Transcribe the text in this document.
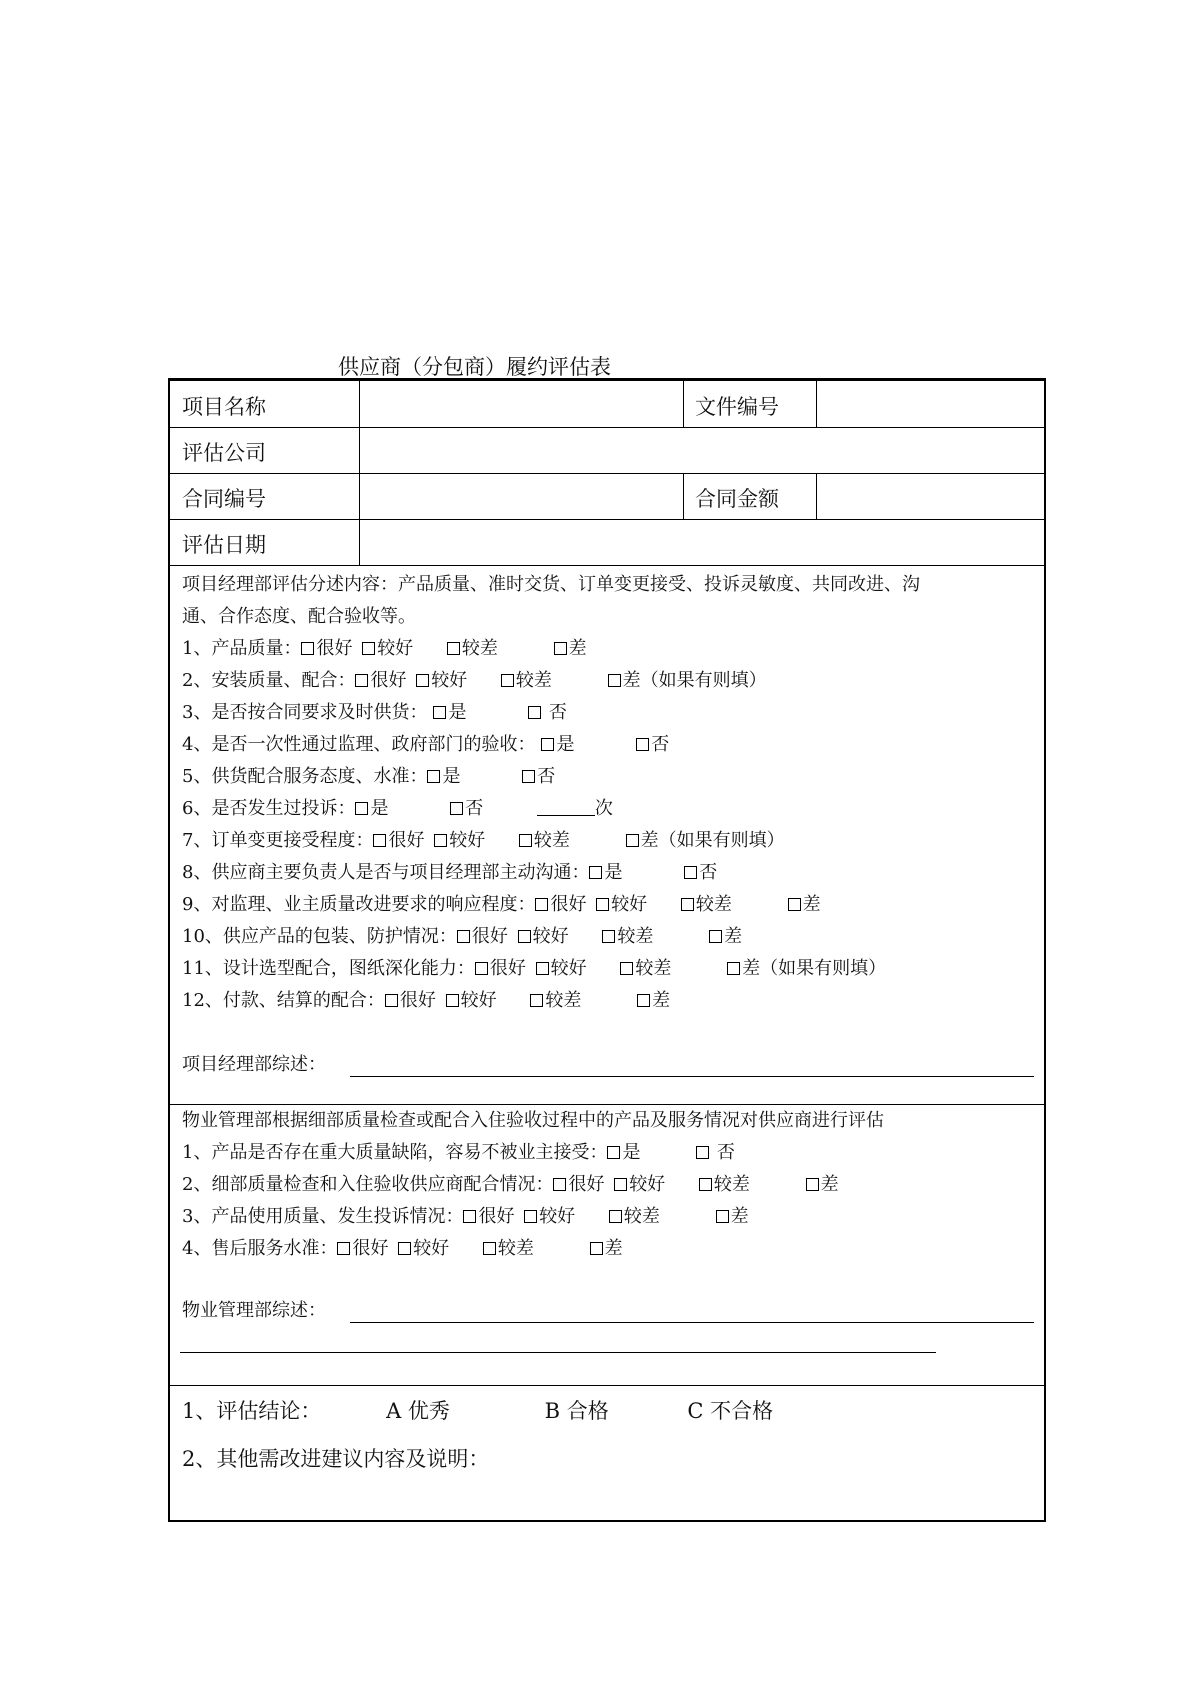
供应商（分包商）履约评估表
项目名称	文件编号
评估公司
合同编号	合同金额
评估日期
项目经理部评估分述内容：产品质量、准时交货、订单变更接受、投诉灵敏度、共同改进、沟
通、合作态度、配合验收等。
1、产品质量： 很好 较好	较差	差
2、安装质量、配合： 很好 较好	较差	差（如果有则填）
3、是否按合同要求及时供货： 是	否
4、是否一次性通过监理、政府部门的验收： 是	否
5、供货配合服务态度、水准： 是	否
6、是否发生过投诉： 是	否	次
7、订单变更接受程度： 很好 较好	较差	差（如果有则填）
8、供应商主要负责人是否与项目经理部主动沟通： 是	否
9、对监理、业主质量改进要求的响应程度： 很好 较好	较差	差
10、供应产品的包装、防护情况： 很好 较好	较差	差
11、设计选型配合，图纸深化能力： 很好 较好	较差	差（如果有则填）
12、付款、结算的配合： 很好 较好	较差	差
项目经理部综述：
物业管理部根据细部质量检查或配合入住验收过程中的产品及服务情况对供应商进行评估
1、产品是否存在重大质量缺陷，容易不被业主接受： 是	否
2、细部质量检查和入住验收供应商配合情况： 很好 较好	较差	差
3、产品使用质量、发生投诉情况： 很好 较好	较差	差
4、售后服务水准： 很好 较好	较差	差
物业管理部综述：
1、评估结论：	A 优秀	B 合格	C 不合格
2、其他需改进建议内容及说明：
